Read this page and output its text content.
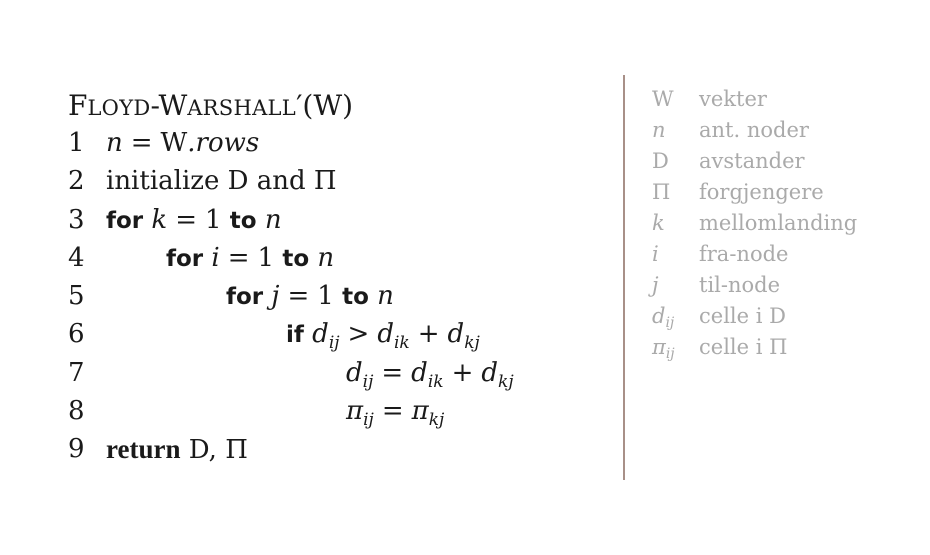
FLOYD-WARSHALL′(W)
1 n = W.rows
2 initialize D and Π
3 for k = 1 to n
4	for i = 1 to n
5	for j = 1 to n
6	if $d_{ij} > d_{ik} + d_{kj}$
7	$d_{ij} = d_{ik} + d_{kj}$
8	$\pi_{ij} = \pi_{kj}$
9 return D, Π
W	vekter
n	ant. noder
D	avstander
Π	forgjengere
k	mellomlanding
i	fra-node
j	til-node
$d_{ij}$	celle i D
$\pi_{ij}$	celle i Π
